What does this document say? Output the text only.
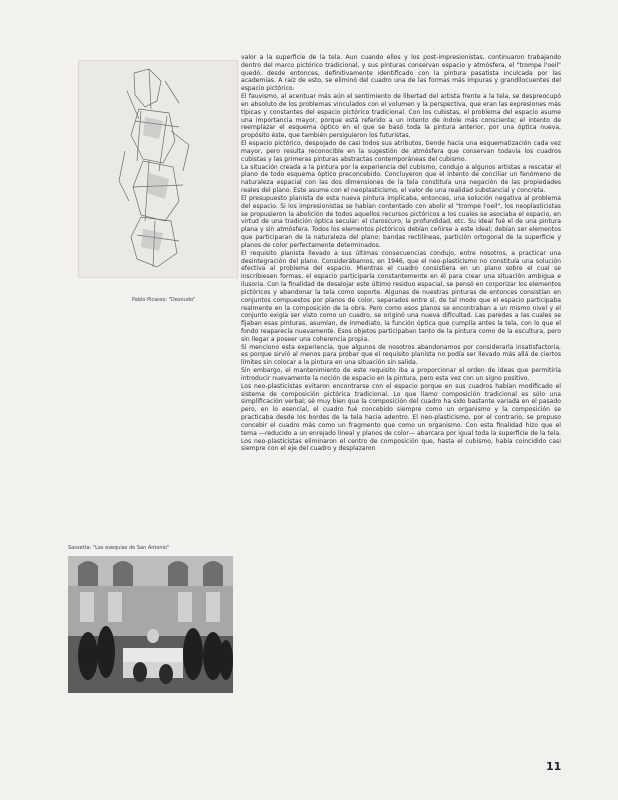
Pablo Picasso: "Desnudo"

valor a la superficie de la tela. Aun cuando ellos y los post-impresionistas, continuaron trabajando dentro del marco pictórico tradicional, y sus pinturas conservan espacio y atmósfera, el "trompe l'oeil" quedó, desde entonces, definitivamente identificado con la pintura pasatista inculcada por las academias. A raíz de esto, se eliminó del cuadro una de las formas más impuras y grandilocuentes del espacio pictórico.

El fauvismo, al acentuar más aún el sentimiento de libertad del artista frente a la tela, se despreocupó en absoluto de los problemas vinculados con el volumen y la perspectiva, que eran las expresiones más típicas y constantes del espacio pictórico tradicional. Con los cubistas, el problema del espacio asume una importancia mayor, porque está referido a un intento de índole más consciente; el intento de reemplazar el esquema óptico en el que se basó toda la pintura anterior, por una óptica nueva, propósito éste, que también persiguieron los futuristas.

El espacio pictórico, despojado de casi todos sus atributos, tiende hacia una esquematización cada vez mayor, pero resulta reconocible en la sugestión de atmósfera que conservan todavía los cuadros cubistas y las primeras pinturas abstractas contemporáneas del cubismo.

La situación creada a la pintura por la experiencia del cubismo, condujo a algunos artistas a rescatar el plano de todo esquema óptico preconcebido. Concluyeron que el intento de conciliar un fenómeno de naturaleza espacial con las dos dimensiones de la tela constituía una negación de las propiedades reales del plano. Este asume con el neoplasticismo, el valor de una realidad substancial y concreta.

El presupuesto planista de esta nueva pintura implicaba, entonces, una solución negativa al problema del espacio. Si los impresionistas se habían contentado con abolir el "trompe l'oeil", los neoplasticistas se propusieron la abolición de todos aquellos recursos pictóricos a los cuales se asociaba el espacio, en virtud de una tradición óptica secular: el claroscuro, la profundidad, etc. Su ideal fué el de una pintura plana y sin atmósfera. Todos los elementos pictóricos debían ceñirse a este ideal; debían ser elementos que participaran de la naturaleza del plano: bandas rectilíneas, partición ortogonal de la superficie y planos de color perfectamente determinados.

El requisito planista llevado a sus últimas consecuencias condujo, entre nosotros, a practicar una desintegración del plano. Considerábamos, en 1946, que el neo-plasticismo no constituía una solución efectiva al problema del espacio. Mientras el cuadro consistiera en un plano sobre el cual se inscribiesen formas, el espacio participaría constantemente en él para crear una situación ambigua e ilusoria. Con la finalidad de desalojar este último residuo espacial, se pensó en corporizar los elementos pictóricos y abandonar la tela como soporte. Algunas de nuestras pinturas de entonces consistían en conjuntos compuestos por planos de color, separados entre sí, de tal modo que el espacio participaba realmente en la composición de la obra. Pero como esos planos se encontraban a un mismo nivel y el conjunto exigía ser visto como un cuadro, se originó una nueva dificultad. Las paredes a las cuales se fijaban esas pinturas, asumían, de inmediato, la función óptica que cumplía antes la tela, con lo que el fondo reaparecía nuevamente. Esos objetos participaban tanto de la pintura como de la escultura, pero sin llegar a poseer una coherencia propia.

Si menciono esta experiencia, que algunos de nosotros abandonamos por considerarla insatisfactoria, es porque sirvió al menos para probar que el requisito planista no podía ser llevado más allá de ciertos límites sin colocar a la pintura en una situación sin salida.

Sin embargo, el mantenimiento de este requisito iba a proporcionar el orden de ideas que permitiría introducir nuevamente la noción de espacio en la pintura, pero esta vez con un signo positivo.

Los neo-plasticistas evitaron encontrarse con el espacio porque en sus cuadros habían modificado el sistema de composición pictórica tradicional. Lo que llamo composición tradicional es sólo una simplificación verbal; sé muy bien que la composición del cuadro ha sido bastante variada en el pasado pero, en lo esencial, el cuadro fué concebido siempre como un organismo y la composición se practicaba desde los bordes de la tela hacia adentro. El neo-plasticismo, por el contrario, se propuso concebir el cuadro más como un fragmento que como un organismo. Con esta finalidad hizo que el tema —reducido a un enrejado lineal y planos de color— abarcara por igual toda la superficie de la tela. Los neo-plasticistas eliminaron el centro de composición que, hasta el cubismo, había coincidido casi siempre con el eje del cuadro y desplazaron

Sassetta: "Las exequias de San Antonio"
11
